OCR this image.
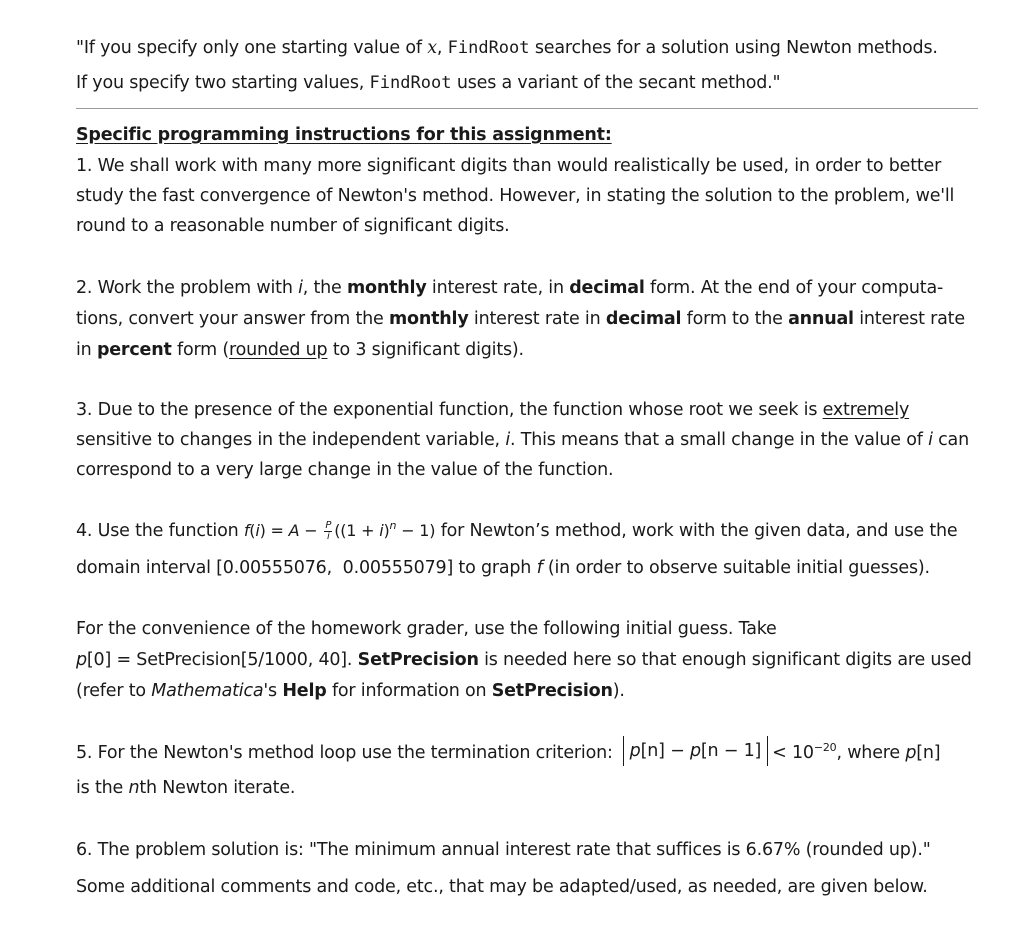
"If you specify only one starting value of x, FindRoot searches for a solution using Newton methods.
If you specify two starting values, FindRoot uses a variant of the secant method."
Specific programming instructions for this assignment:
1. We shall work with many more significant digits than would realistically be used, in order to better
study the fast convergence of Newton's method. However, in stating the solution to the problem, we'll
round to a reasonable number of significant digits.
2. Work the problem with i, the monthly interest rate, in decimal form. At the end of your computa-
tions, convert your answer from the monthly interest rate in decimal form to the annual interest rate
in percent form (rounded up to 3 significant digits).
3. Due to the presence of the exponential function, the function whose root we seek is extremely
sensitive to changes in the independent variable, i. This means that a small change in the value of i can
correspond to a very large change in the value of the function.
4. Use the function $f(i) = A - \frac{P}{i} ((1 + i)^n - 1)$ for Newton’s method, work with the given data, and use the
domain interval [0.00555076,  0.00555079] to graph f (in order to observe suitable initial guesses).
For the convenience of the homework grader, use the following initial guess. Take
p[0] = SetPrecision[5/1000, 40]. SetPrecision is needed here so that enough significant digits are used
(refer to Mathematica's Help for information on SetPrecision).
5. For the Newton's method loop use the termination criterion: $p[n] - p[n - 1] < 10^{-20}$, where p[n]
is the nth Newton iterate.
6. The problem solution is: "The minimum annual interest rate that suffices is 6.67% (rounded up)."
Some additional comments and code, etc., that may be adapted/used, as needed, are given below.
